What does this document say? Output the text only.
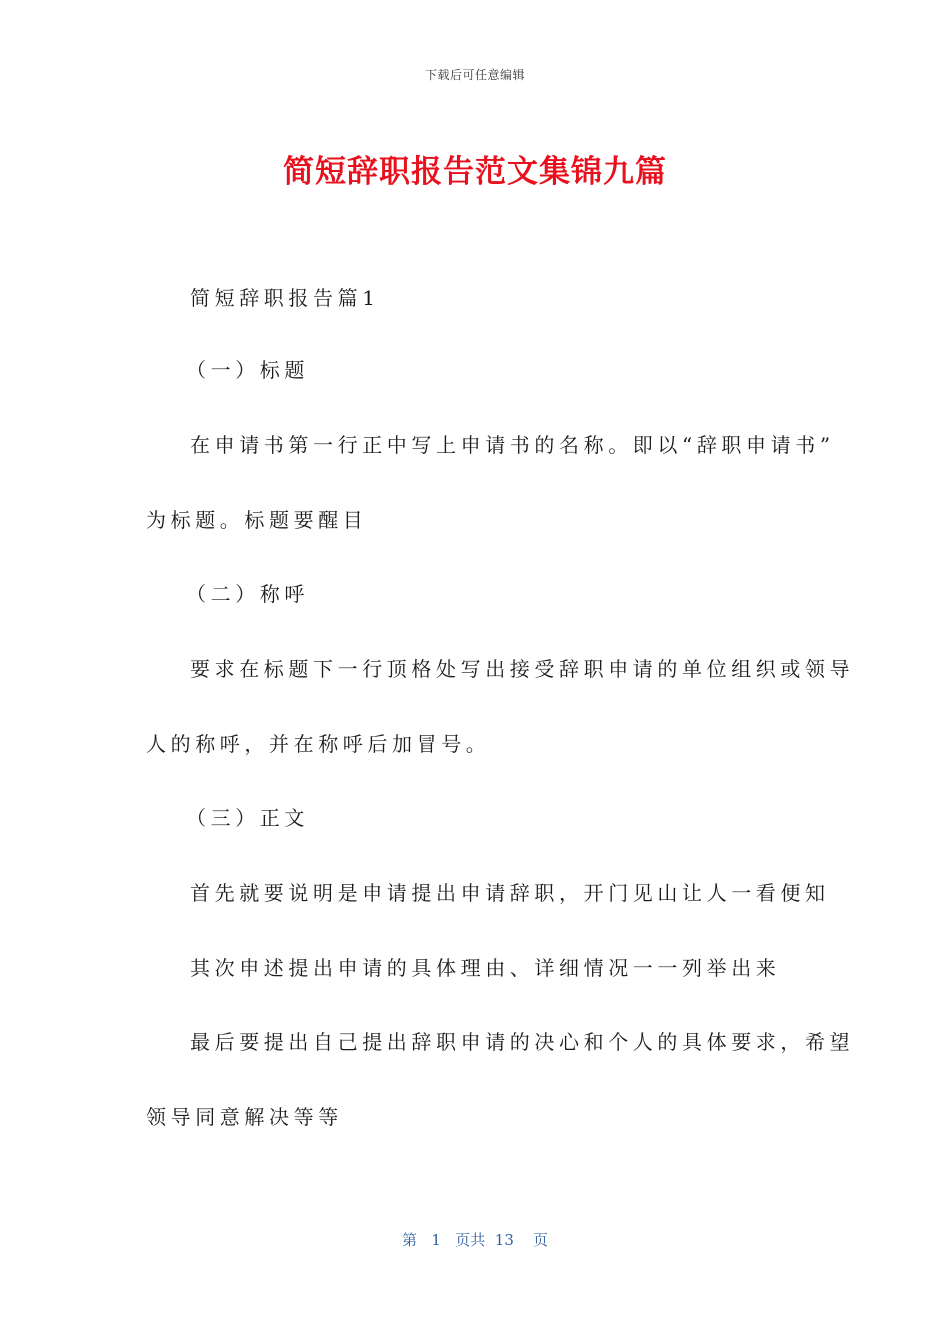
下载后可任意编辑
简短辞职报告范文集锦九篇
简短辞职报告篇1
（一）标题
在申请书第一行正中写上申请书的名称。即以“辞职申请书”
为标题。标题要醒目
（二）称呼
要求在标题下一行顶格处写出接受辞职申请的单位组织或领导
人的称呼，并在称呼后加冒号。
（三）正文
首先就要说明是申请提出申请辞职，开门见山让人一看便知
其次申述提出申请的具体理由、详细情况一一列举出来
最后要提出自己提出辞职申请的决心和个人的具体要求，希望
领导同意解决等等
第 1 页共 13 页
